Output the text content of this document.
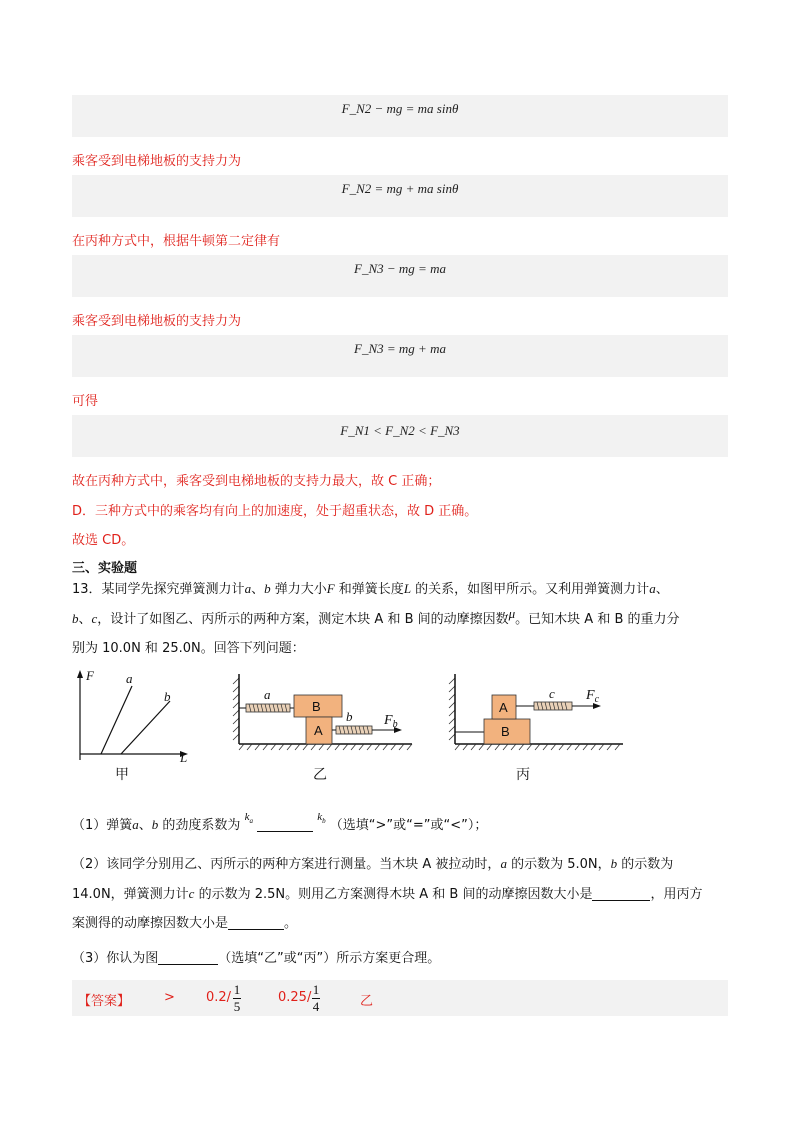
F_N2 − mg = ma sinθ
乘客受到电梯地板的支持力为
F_N2 = mg + ma sinθ
在丙种方式中，根据牛顿第二定律有
F_N3 − mg = ma
乘客受到电梯地板的支持力为
F_N3 = mg + ma
可得
F_N1 < F_N2 < F_N3
故在丙种方式中，乘客受到电梯地板的支持力最大，故 C 正确；
D．三种方式中的乘客均有向上的加速度，处于超重状态，故 D 正确。
故选 CD。
三、实验题
13．某同学先探究弹簧测力计a、b 弹力大小F 和弹簧长度L 的关系，如图甲所示。又利用弹簧测力计a、
b、c，设计了如图乙、丙所示的两种方案，测定木块 A 和 B 间的动摩擦因数μ。已知木块 A 和 B 的重力分
别为 10.0N 和 25.0N。回答下列问题：
F
L
a
b
甲
a
B
A
b $F_b$
乙
A
B
c $F_c$
丙
（1）弹簧a、b 的劲度系数为 $^{k_a}$	$^{k_b}$ （选填“>”或“=”或“<”）；
（2）该同学分别用乙、丙所示的两种方案进行测量。当木块 A 被拉动时，a 的示数为 5.0N，b 的示数为
14.0N，弹簧测力计c 的示数为 2.5N。则用乙方案测得木块 A 和 B 间的动摩擦因数大小是	，用丙方
案测得的动摩擦因数大小是	。
（3）你认为图	（选填“乙”或“丙”）所示方案更合理。
【答案】	> 0.2/
1
5
0.25/
1
4	乙
